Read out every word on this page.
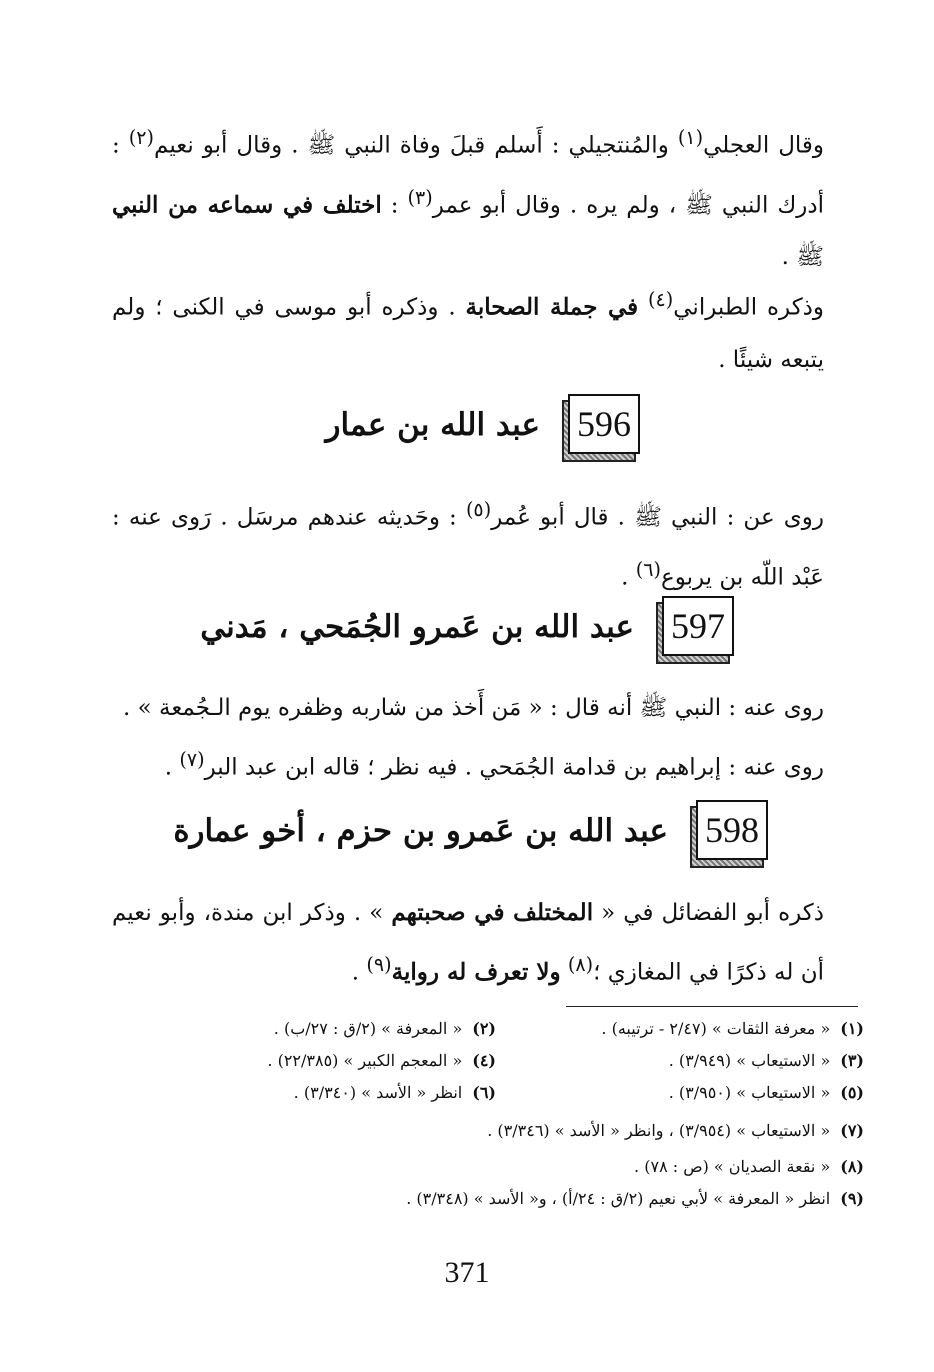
وقال العجلي$^{(١)}$ والمُنتجيلي : أَسلم قبلَ وفاة النبي ﷺ . وقال أبو نعيم$^{(٢)}$ : أدرك النبي ﷺ ، ولم يره . وقال أبو عمر$^{(٣)}$ : اختلف في سماعه من النبي ﷺ .
وذكره الطبراني$^{(٤)}$ في جملة الصحابة . وذكره أبو موسى في الكنى ؛ ولم يتبعه شيئًا .
596
عبد الله بن عمار
روى عن : النبي ﷺ . قال أبو عُمر$^{(٥)}$ : وحَديثه عندهم مرسَل . رَوى عنه : عَبْد اللّه بن يربوع$^{(٦)}$ .
597
عبد الله بن عَمرو الجُمَحي ، مَدني
روى عنه : النبي ﷺ أنه قال : « مَن أَخذ من شاربه وظفره يوم الـجُمعة » .
روى عنه : إبراهيم بن قدامة الجُمَحي . فيه نظر ؛ قاله ابن عبد البر$^{(٧)}$ .
598
عبد الله بن عَمرو بن حزم ، أخو عمارة
ذكره أبو الفضائل في « المختلف في صحبتهم » . وذكر ابن مندة، وأبو نعيم أن له ذكرًا في المغازي ؛$^{(٨)}$ ولا تعرف له رواية$^{(٩)}$ .
(١)« معرفة الثقات » (٢/٤٧ - ترتيبه) .
(٢)« المعرفة » (٢/ق : ٢٧/ب) .
(٣)« الاستيعاب » (٣/٩٤٩) .
(٤)« المعجم الكبير » (٢٢/٣٨٥) .
(٥)« الاستيعاب » (٣/٩٥٠) .
(٦)انظر « الأسد » (٣/٣٤٠) .
(٧)« الاستيعاب » (٣/٩٥٤) ، وانظر « الأسد » (٣/٣٤٦) .
(٨)« نقعة الصديان » (ص : ٧٨) .
(٩)انظر « المعرفة » لأبي نعيم (٢/ق : ٢٤/أ) ، و« الأسد » (٣/٣٤٨) .
371
